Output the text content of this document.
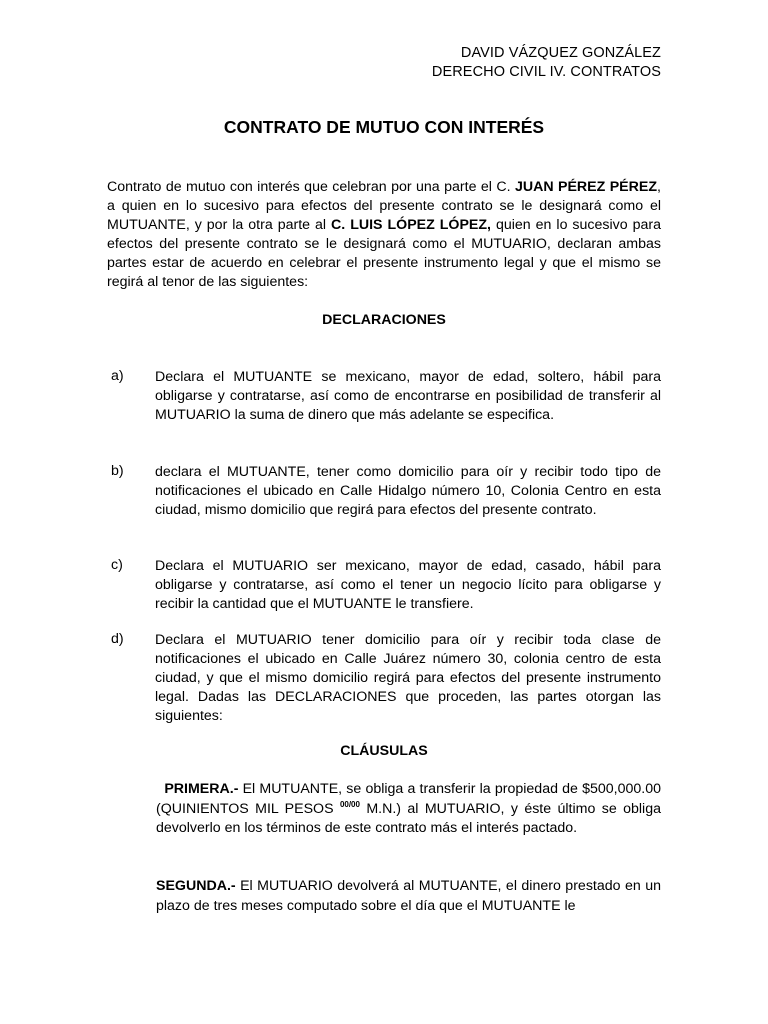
DAVID VÁZQUEZ GONZÁLEZ
DERECHO CIVIL IV. CONTRATOS
CONTRATO DE MUTUO CON INTERÉS
Contrato de mutuo con interés que celebran por una parte el C. JUAN PÉREZ PÉREZ, a quien en lo sucesivo para efectos del presente contrato se le designará como el MUTUANTE, y por la otra parte al C. LUIS LÓPEZ LÓPEZ, quien en lo sucesivo para efectos del presente contrato se le designará como el MUTUARIO, declaran ambas partes estar de acuerdo en celebrar el presente instrumento legal y que el mismo se regirá al tenor de las siguientes:
DECLARACIONES
a) Declara el MUTUANTE se mexicano, mayor de edad, soltero, hábil para obligarse y contratarse, así como de encontrarse en posibilidad de transferir al MUTUARIO la suma de dinero que más adelante se especifica.
b) declara el MUTUANTE, tener como domicilio para oír y recibir todo tipo de notificaciones el ubicado en Calle Hidalgo número 10, Colonia Centro en esta ciudad, mismo domicilio que regirá para efectos del presente contrato.
c) Declara el MUTUARIO ser mexicano, mayor de edad, casado, hábil para obligarse y contratarse, así como el tener un negocio lícito para obligarse y recibir la cantidad que el MUTUANTE le transfiere.
d) Declara el MUTUARIO tener domicilio para oír y recibir toda clase de notificaciones el ubicado en Calle Juárez número 30, colonia centro de esta ciudad, y que el mismo domicilio regirá para efectos del presente instrumento legal. Dadas las DECLARACIONES que proceden, las partes otorgan las siguientes:
CLÁUSULAS
PRIMERA.- El MUTUANTE, se obliga a transferir la propiedad de $500,000.00 (QUINIENTOS MIL PESOS $^{00/00}$ M.N.) al MUTUARIO, y éste último se obliga devolverlo en los términos de este contrato más el interés pactado.
SEGUNDA.- El MUTUARIO devolverá al MUTUANTE, el dinero prestado en un plazo de tres meses computado sobre el día que el MUTUANTE le
